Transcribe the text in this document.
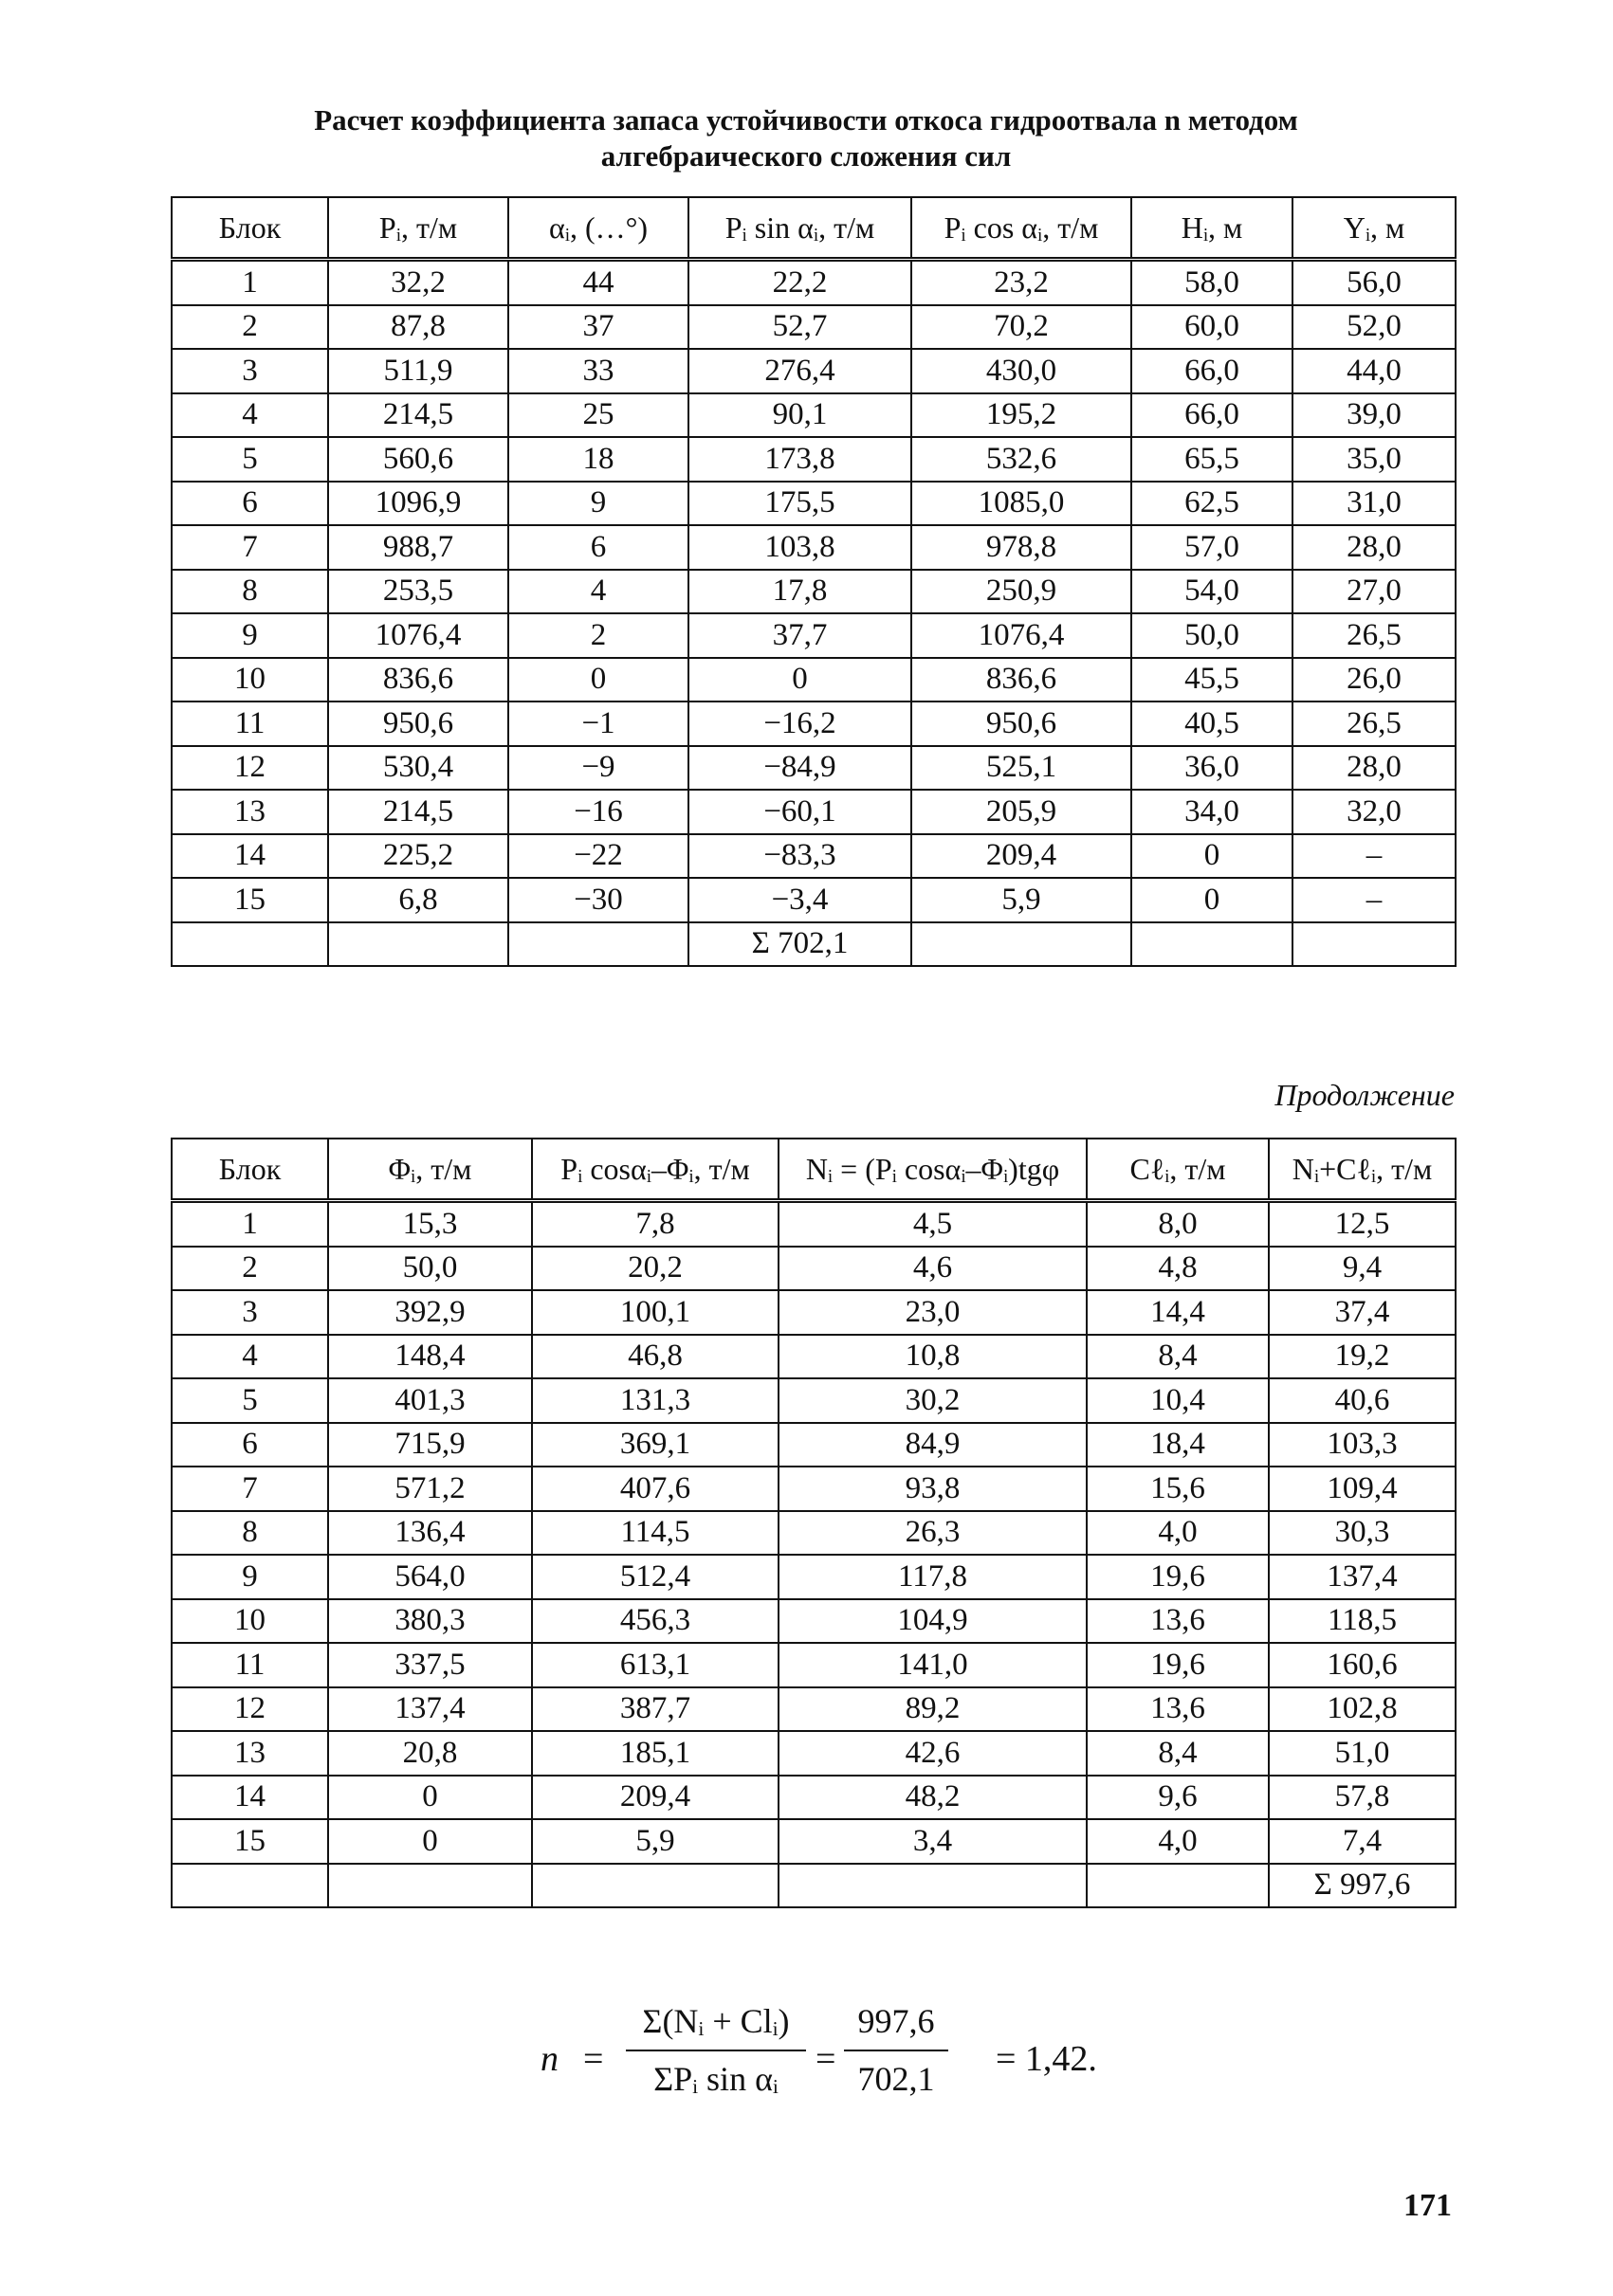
Расчет коэффициента запаса устойчивости откоса гидроотвала n методом
алгебраического сложения сил
Блок	Pᵢ, т/м	αᵢ, (…°)	Pᵢ sin αᵢ, т/м	Pᵢ cos αᵢ, т/м	Hᵢ, м	Yᵢ, м
1	32,2	44	22,2	23,2	58,0	56,0
2	87,8	37	52,7	70,2	60,0	52,0
3	511,9	33	276,4	430,0	66,0	44,0
4	214,5	25	90,1	195,2	66,0	39,0
5	560,6	18	173,8	532,6	65,5	35,0
6	1096,9	9	175,5	1085,0	62,5	31,0
7	988,7	6	103,8	978,8	57,0	28,0
8	253,5	4	17,8	250,9	54,0	27,0
9	1076,4	2	37,7	1076,4	50,0	26,5
10	836,6	0	0	836,6	45,5	26,0
11	950,6	−1	−16,2	950,6	40,5	26,5
12	530,4	−9	−84,9	525,1	36,0	28,0
13	214,5	−16	−60,1	205,9	34,0	32,0
14	225,2	−22	−83,3	209,4	0	–
15	6,8	−30	−3,4	5,9	0	–
			Σ 702,1			
Продолжение
Блок	Φᵢ, т/м	Pᵢ cosαᵢ–Φᵢ, т/м	Nᵢ = (Pᵢ cosαᵢ–Φᵢ)tgφ	Cℓᵢ, т/м	Nᵢ+Cℓᵢ, т/м
1	15,3	7,8	4,5	8,0	12,5
2	50,0	20,2	4,6	4,8	9,4
3	392,9	100,1	23,0	14,4	37,4
4	148,4	46,8	10,8	8,4	19,2
5	401,3	131,3	30,2	10,4	40,6
6	715,9	369,1	84,9	18,4	103,3
7	571,2	407,6	93,8	15,6	109,4
8	136,4	114,5	26,3	4,0	30,3
9	564,0	512,4	117,8	19,6	137,4
10	380,3	456,3	104,9	13,6	118,5
11	337,5	613,1	141,0	19,6	160,6
12	137,4	387,7	89,2	13,6	102,8
13	20,8	185,1	42,6	8,4	51,0
14	0	209,4	48,2	9,6	57,8
15	0	5,9	3,4	4,0	7,4
					Σ 997,6
n =
Σ(Nᵢ + Clᵢ)
ΣPᵢ sin αᵢ	=
997,6
702,1	= 1,42.
171
